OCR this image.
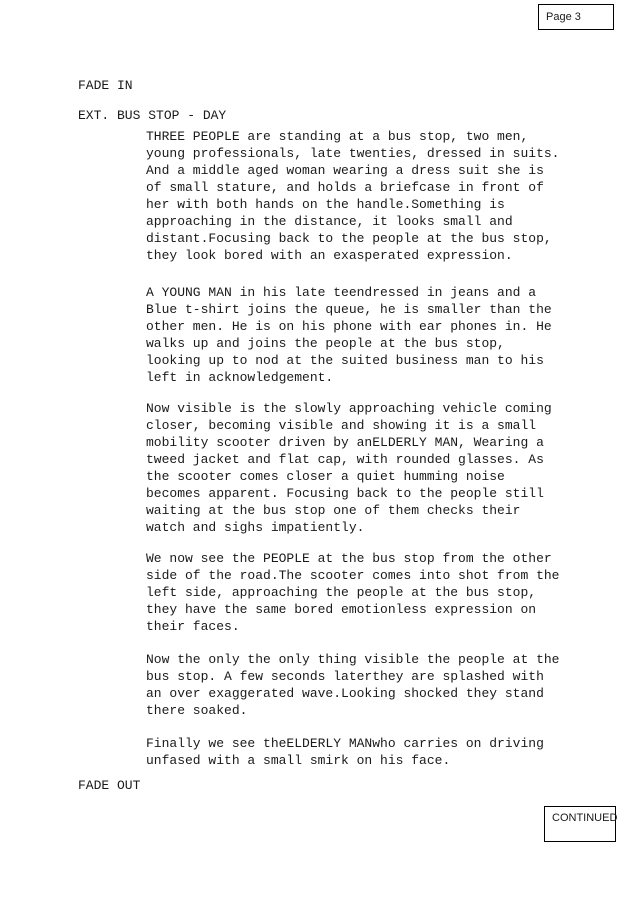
Page 3
FADE IN
EXT. BUS STOP - DAY

THREE PEOPLE are standing at a bus stop, two men, young professionals, late twenties, dressed in suits. And a middle aged woman wearing a dress suit she is of small stature, and holds a briefcase in front of her with both hands on the handle.Something is approaching in the distance, it looks small and distant.Focusing back to the people at the bus stop, they look bored with an exasperated expression.

A YOUNG MAN in his late teendressed in jeans and a Blue t-shirt joins the queue, he is smaller than the other men. He is on his phone with ear phones in. He walks up and joins the people at the bus stop, looking up to nod at the suited business man to his left in acknowledgement.

Now visible is the slowly approaching vehicle coming closer, becoming visible and showing it is a small mobility scooter driven by anELDERLY MAN, Wearing a tweed jacket and flat cap, with rounded glasses. As the scooter comes closer a quiet humming noise becomes apparent. Focusing back to the people still waiting at the bus stop one of them checks their watch and sighs impatiently.

We now see the PEOPLE at the bus stop from the other side of the road.The scooter comes into shot from the left side, approaching the people at the bus stop, they have the same bored emotionless expression on their faces.

Now the only the only thing visible the people at the bus stop. A few seconds laterthey are splashed with an over exaggerated wave.Looking shocked they stand there soaked.

Finally we see theELDERLY MANwho carries on driving unfased with a small smirk on his face.

FADE OUT
CONTINUED
